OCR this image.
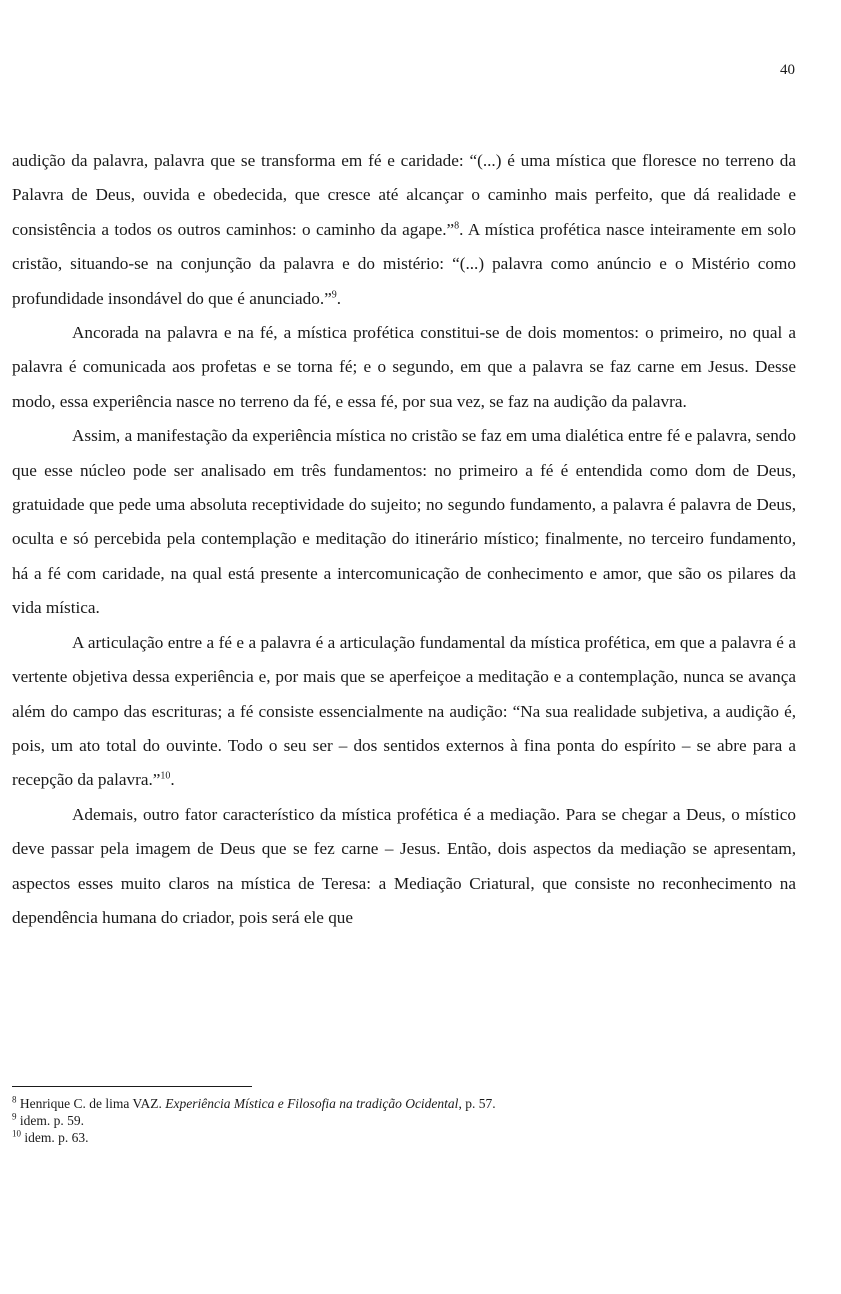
40

audição da palavra, palavra que se transforma em fé e caridade: “(...) é uma mística que floresce no terreno da Palavra de Deus, ouvida e obedecida, que cresce até alcançar o caminho mais perfeito, que dá realidade e consistência a todos os outros caminhos: o caminho da agape.”$^8$. A mística profética nasce inteiramente em solo cristão, situando-se na conjunção da palavra e do mistério: “(...) palavra como anúncio e o Mistério como profundidade insondável do que é anunciado.”$^9$.

Ancorada na palavra e na fé, a mística profética constitui-se de dois momentos: o primeiro, no qual a palavra é comunicada aos profetas e se torna fé; e o segundo, em que a palavra se faz carne em Jesus. Desse modo, essa experiência nasce no terreno da fé, e essa fé, por sua vez, se faz na audição da palavra.

Assim, a manifestação da experiência mística no cristão se faz em uma dialética entre fé e palavra, sendo que esse núcleo pode ser analisado em três fundamentos: no primeiro a fé é entendida como dom de Deus, gratuidade que pede uma absoluta receptividade do sujeito; no segundo fundamento, a palavra é palavra de Deus, oculta e só percebida pela contemplação e meditação do itinerário místico; finalmente, no terceiro fundamento, há a fé com caridade, na qual está presente a intercomunicação de conhecimento e amor, que são os pilares da vida mística.

A articulação entre a fé e a palavra é a articulação fundamental da mística profética, em que a palavra é a vertente objetiva dessa experiência e, por mais que se aperfeiçoe a meditação e a contemplação, nunca se avança além do campo das escrituras; a fé consiste essencialmente na audição: “Na sua realidade subjetiva, a audição é, pois, um ato total do ouvinte. Todo o seu ser – dos sentidos externos à fina ponta do espírito – se abre para a recepção da palavra.”$^{10}$.

Ademais, outro fator característico da mística profética é a mediação. Para se chegar a Deus, o místico deve passar pela imagem de Deus que se fez carne – Jesus. Então, dois aspectos da mediação se apresentam, aspectos esses muito claros na mística de Teresa: a Mediação Criatural, que consiste no reconhecimento na dependência humana do criador, pois será ele que

$^8$ Henrique C. de lima VAZ. Experiência Mística e Filosofia na tradição Ocidental, p. 57.
$^9$ idem. p. 59.
$^{10}$ idem. p. 63.
